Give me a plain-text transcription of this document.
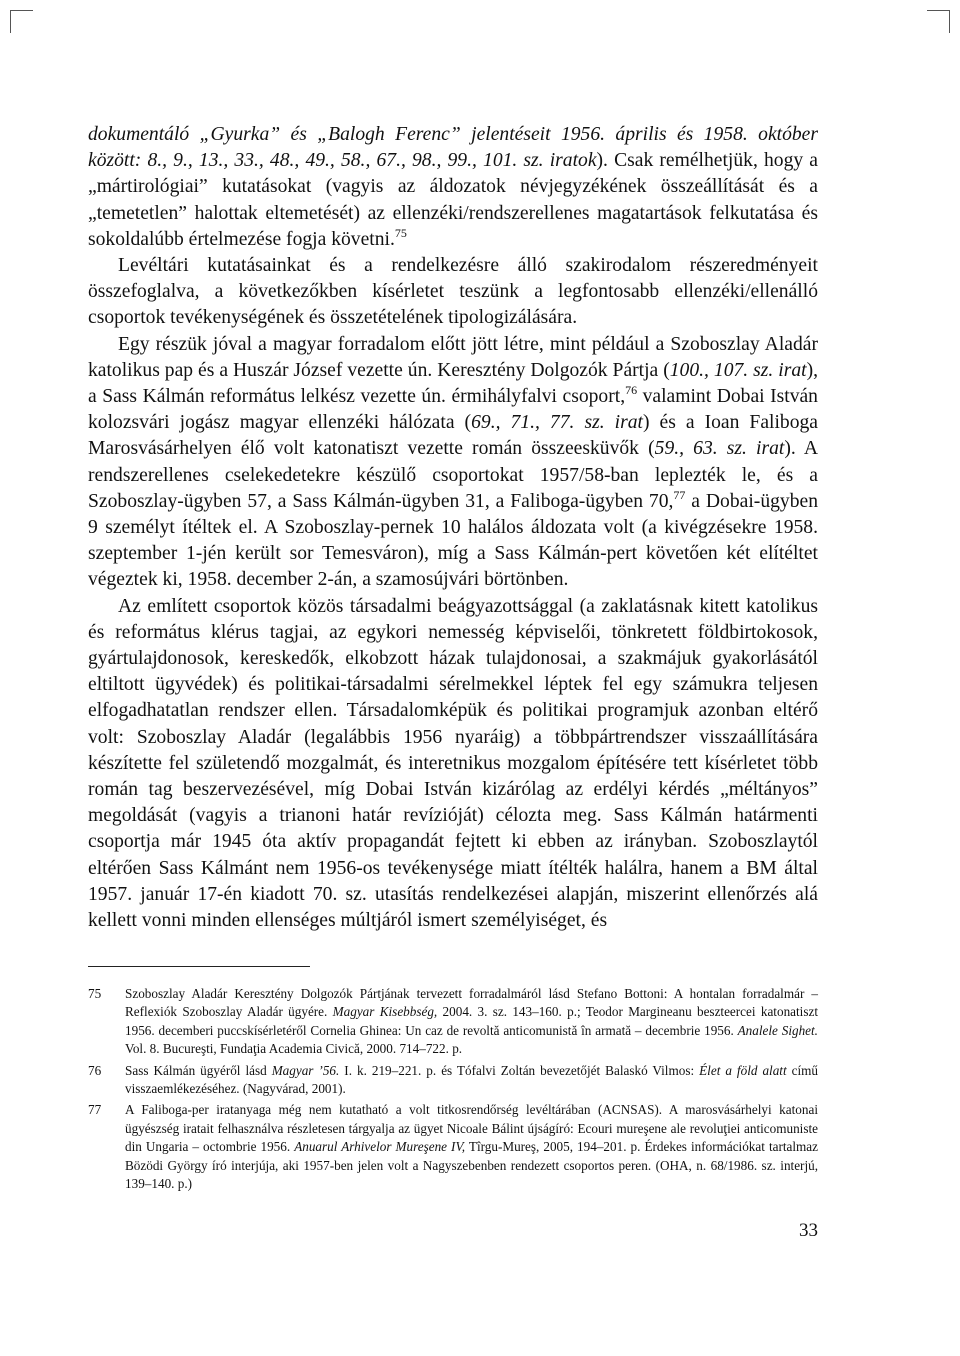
dokumentáló „Gyurka” és „Balogh Ferenc” jelentéseit 1956. április és 1958. október között: 8., 9., 13., 33., 48., 49., 58., 67., 98., 99., 101. sz. iratok). Csak remélhetjük, hogy a „mártirológiai” kutatásokat (vagyis az áldozatok névjegyzékének összeállítását és a „temetetlen” halottak eltemetését) az ellenzéki/rendszerellenes magatartások felkutatása és sokoldalúbb értelmezése fogja követni.$^{75}$

Levéltári kutatásainkat és a rendelkezésre álló szakirodalom részeredményeit összefoglalva, a következőkben kísérletet teszünk a legfontosabb ellenzéki/ellenálló csoportok tevékenységének és összetételének tipologizálására.

Egy részük jóval a magyar forradalom előtt jött létre, mint például a Szoboszlay Aladár katolikus pap és a Huszár József vezette ún. Keresztény Dolgozók Pártja (100., 107. sz. irat), a Sass Kálmán református lelkész vezette ún. érmihályfalvi csoport,$^{76}$ valamint Dobai István kolozsvári jogász magyar ellenzéki hálózata (69., 71., 77. sz. irat) és a Ioan Faliboga Marosvásárhelyen élő volt katonatiszt vezette román összeesküvők (59., 63. sz. irat). A rendszerellenes cselekedetekre készülő csoportokat 1957/58-ban leplezték le, és a Szoboszlay-ügyben 57, a Sass Kálmán-ügyben 31, a Faliboga-ügyben 70,77 a Dobai-ügyben 9 személyt ítéltek el. A Szoboszlay-pernek 10 halálos áldozata volt (a kivégzésekre 1958. szeptember 1-jén került sor Temesváron), míg a Sass Kálmán-pert követően két elítéltet végeztek ki, 1958. december 2-án, a szamosújvári börtönben.

Az említett csoportok közös társadalmi beágyazottsággal (a zaklatásnak kitett katolikus és református klérus tagjai, az egykori nemesség képviselői, tönkretett földbirtokosok, gyártulajdonosok, kereskedők, elkobzott házak tulajdonosai, a szakmájuk gyakorlásától eltiltott ügyvédek) és politikai-társadalmi sérelmekkel léptek fel egy számukra teljesen elfogadhatatlan rendszer ellen. Társadalomképük és politikai programjuk azonban eltérő volt: Szoboszlay Aladár (legalábbis 1956 nyaráig) a többpártrendszer visszaállítására készítette fel születendő mozgalmát, és interetnikus mozgalom építésére tett kísérletet több román tag beszervezésével, míg Dobai István kizárólag az erdélyi kérdés „méltányos” megoldását (vagyis a trianoni határ revízióját) célozta meg. Sass Kálmán határmenti csoportja már 1945 óta aktív propagandát fejtett ki ebben az irányban. Szoboszlaytól eltérően Sass Kálmánt nem 1956-os tevékenysége miatt ítélték halálra, hanem a BM által 1957. január 17-én kiadott 70. sz. utasítás rendelkezései alapján, miszerint ellenőrzés alá kellett vonni minden ellenséges múltjáról ismert személyiséget, és

75	Szoboszlay Aladár Keresztény Dolgozók Pártjának tervezett forradalmáról lásd Stefano Bottoni: A hontalan forradalmár – Reflexiók Szoboszlay Aladár ügyére. Magyar Kisebbség, 2004. 3. sz. 143–160. p.; Teodor Margineanu beszteercei katonatiszt 1956. decemberi puccskísérletéről Cornelia Ghinea: Un caz de revoltă anticomunistă în armată – decembrie 1956. Analele Sighet. Vol. 8. Bucureşti, Fundaţia Academia Civică, 2000. 714–722. p.
76	Sass Kálmán ügyéről lásd Magyar ’56. I. k. 219–221. p. és Tófalvi Zoltán bevezetőjét Balaskó Vilmos: Élet a föld alatt című visszaemlékezéséhez. (Nagyvárad, 2001).
77	A Faliboga-per iratanyaga még nem kutatható a volt titkosrendőrség levéltárában (ACNSAS). A marosvásárhelyi katonai ügyészség iratait felhasználva részletesen tárgyalja az ügyet Nicoale Bálint újságíró: Ecouri mureşene ale revoluţiei anticomuniste din Ungaria – octombrie 1956. Anuarul Arhivelor Mureşene IV, Tîrgu-Mureş, 2005, 194–201. p. Érdekes információkat tartalmaz Bözödi György író interjúja, aki 1957-ben jelen volt a Nagyszebenben rendezett csoportos peren. (OHA, n. 68/1986. sz. interjú, 139–140. p.)
33
